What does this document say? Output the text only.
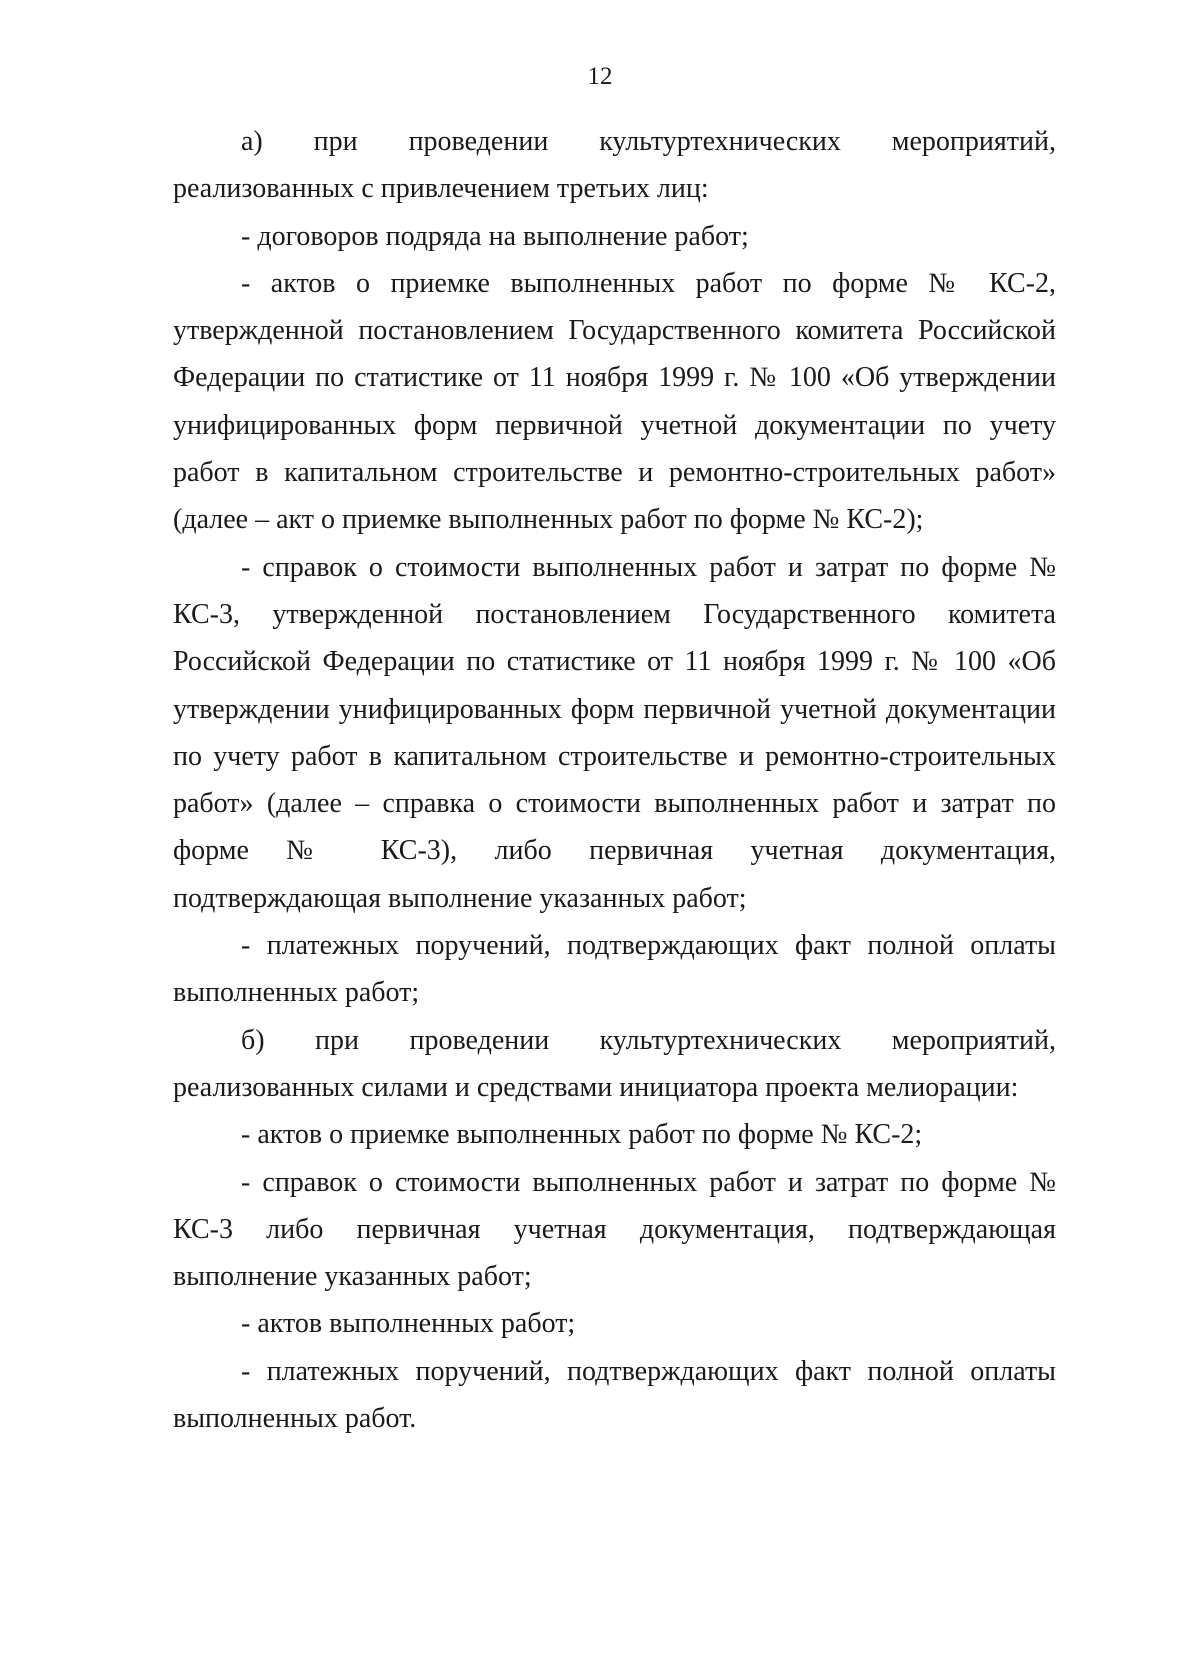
12

а) при проведении культуртехнических мероприятий, реализованных с привлечением третьих лиц:

- договоров подряда на выполнение работ;

- актов о приемке выполненных работ по форме № КС-2, утвержденной постановлением Государственного комитета Российской Федерации по статистике от 11 ноября 1999 г. № 100 «Об утверждении унифицированных форм первичной учетной документации по учету работ в капитальном строительстве и ремонтно-строительных работ» (далее – акт о приемке выполненных работ по форме № КС-2);

- справок о стоимости выполненных работ и затрат по форме № КС-3, утвержденной постановлением Государственного комитета Российской Федерации по статистике от 11 ноября 1999 г. № 100 «Об утверждении унифицированных форм первичной учетной документации по учету работ в капитальном строительстве и ремонтно-строительных работ» (далее – справка о стоимости выполненных работ и затрат по форме № КС-3), либо первичная учетная документация, подтверждающая выполнение указанных работ;

- платежных поручений, подтверждающих факт полной оплаты выполненных работ;

б) при проведении культуртехнических мероприятий, реализованных силами и средствами инициатора проекта мелиорации:

- актов о приемке выполненных работ по форме № КС-2;

- справок о стоимости выполненных работ и затрат по форме № КС-3 либо первичная учетная документация, подтверждающая выполнение указанных работ;

- актов выполненных работ;

- платежных поручений, подтверждающих факт полной оплаты выполненных работ.
